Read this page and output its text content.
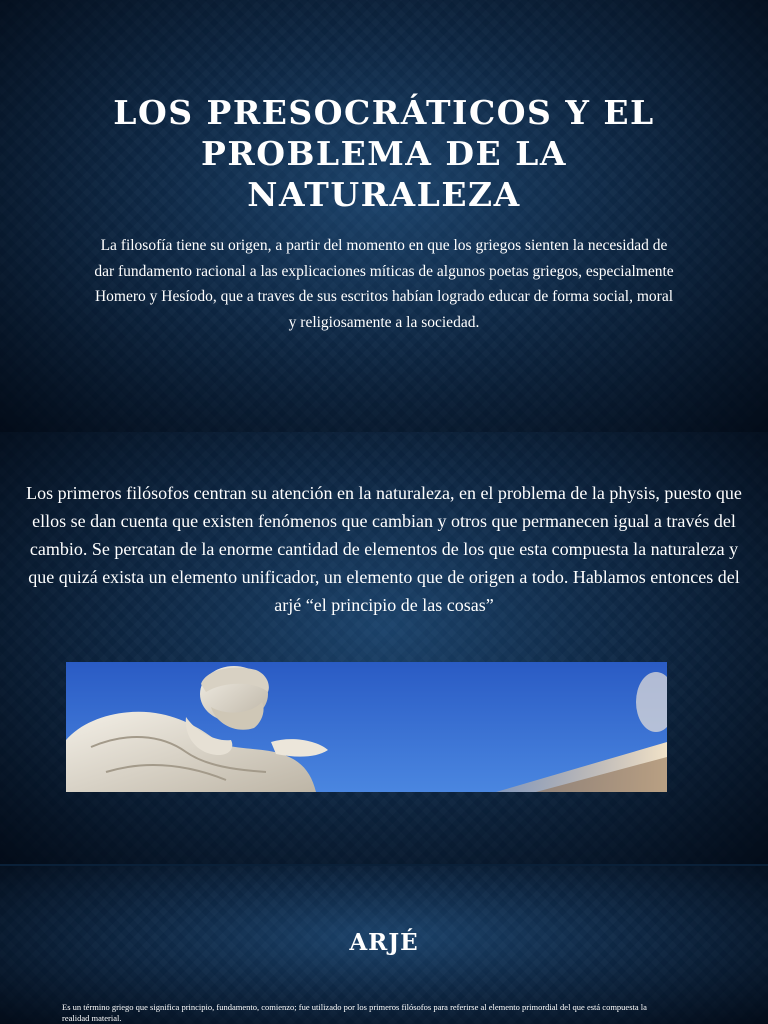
LOS PRESOCRÁTICOS Y EL PROBLEMA DE LA NATURALEZA

La filosofía tiene su origen, a partir del momento en que los griegos sienten la necesidad de dar fundamento racional a las explicaciones míticas de algunos poetas griegos, especialmente Homero y Hesíodo, que a traves de sus escritos habían logrado educar de forma social, moral y religiosamente a la sociedad.

Los primeros filósofos centran su atención en la naturaleza, en el problema de la physis, puesto que ellos se dan cuenta que existen fenómenos que cambian y otros que permanecen igual a través del cambio. Se percatan de la enorme cantidad de elementos de los que esta compuesta la naturaleza y que quizá exista un elemento unificador, un elemento que de origen a todo. Hablamos entonces del arjé “el principio de las cosas”

ARJÉ

Es un término griego que significa principio, fundamento, comienzo; fue utilizado por los primeros filósofos para referirse al elemento primordial del que está compuesta la realidad material.
